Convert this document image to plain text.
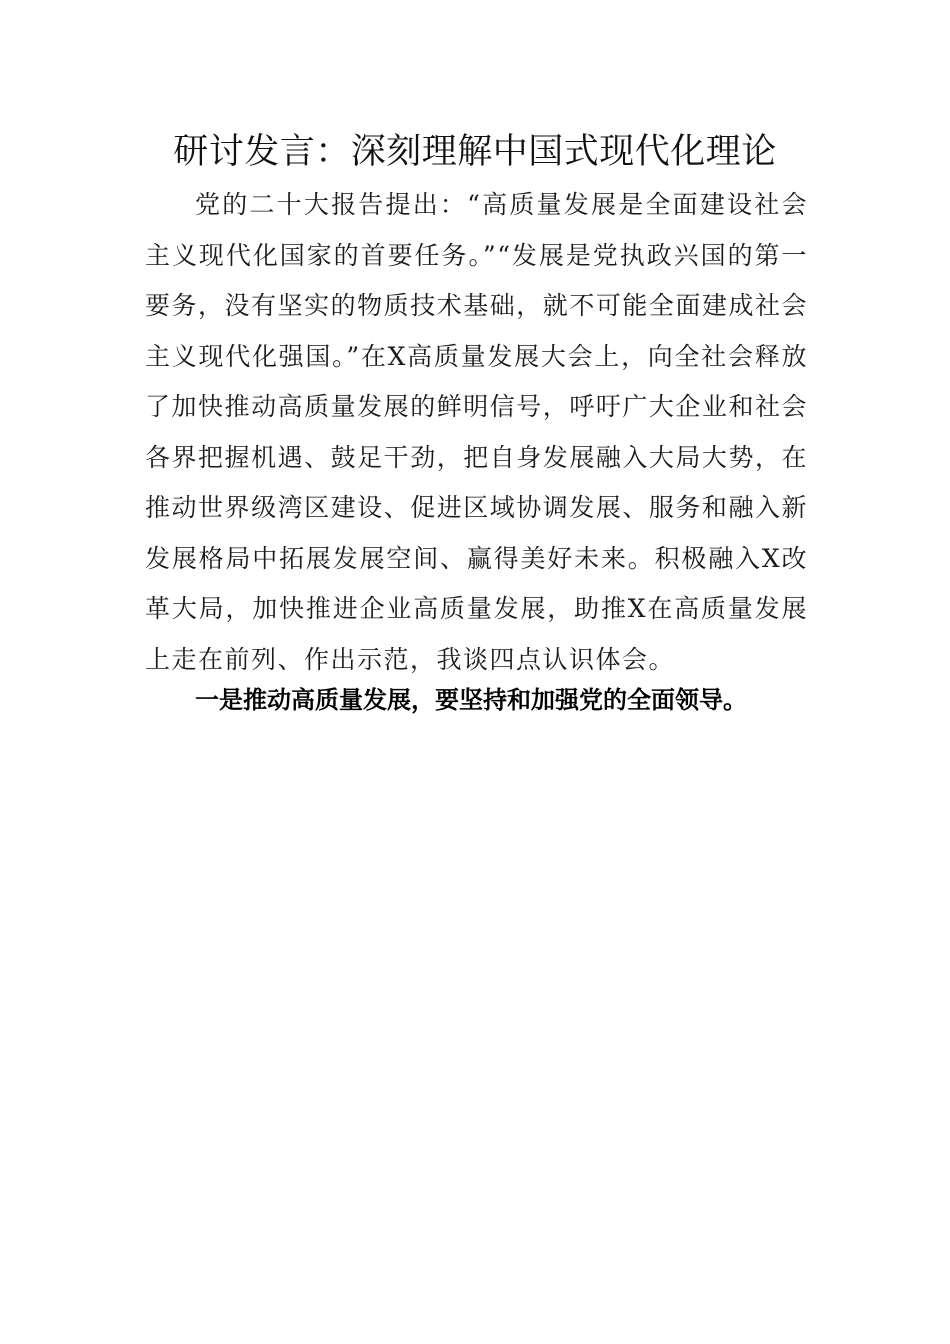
研讨发言：深刻理解中国式现代化理论

党的二十大报告提出：“高质量发展是全面建设社会主义现代化国家的首要任务。”“发展是党执政兴国的第一要务，没有坚实的物质技术基础，就不可能全面建成社会主义现代化强国。”在X高质量发展大会上，向全社会释放了加快推动高质量发展的鲜明信号，呼吁广大企业和社会各界把握机遇、鼓足干劲，把自身发展融入大局大势，在推动世界级湾区建设、促进区域协调发展、服务和融入新发展格局中拓展发展空间、赢得美好未来。积极融入X改革大局，加快推进企业高质量发展，助推X在高质量发展上走在前列、作出示范，我谈四点认识体会。

一是推动高质量发展，要坚持和加强党的全面领导。
